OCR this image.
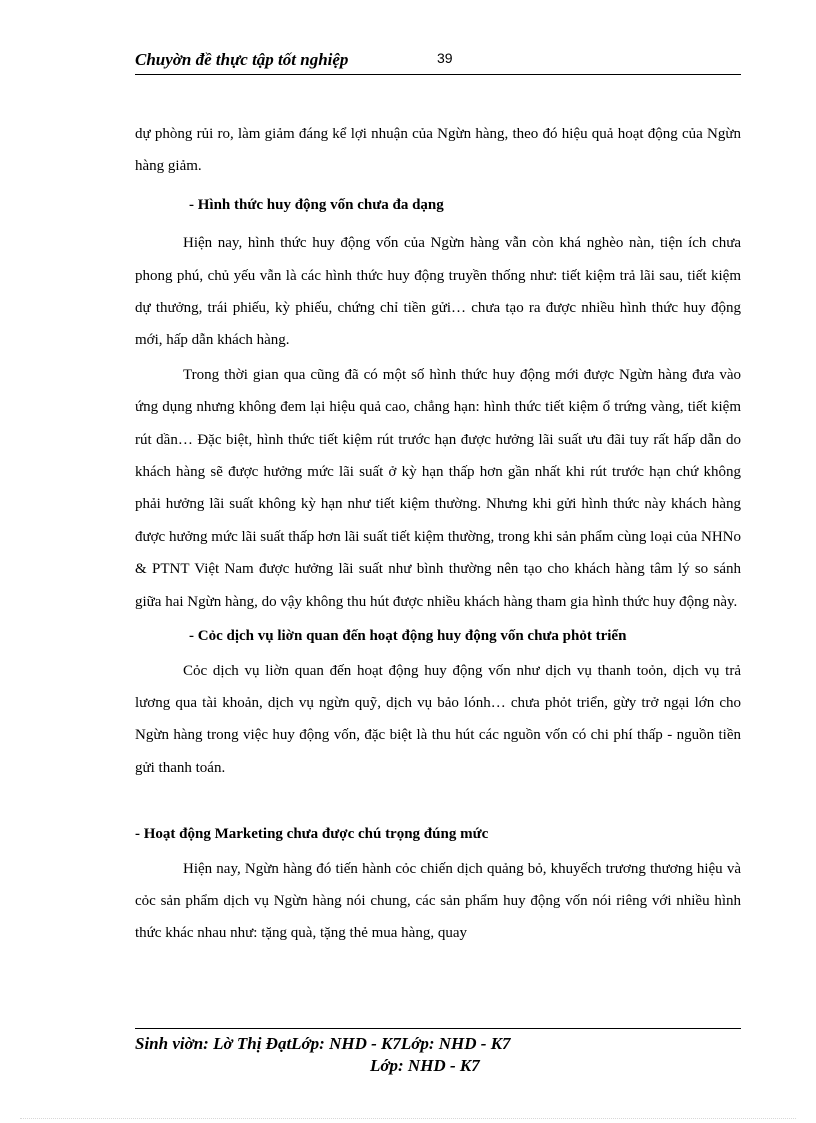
Chuyờn đề thực tập tốt nghiệp	39

dự phòng rủi ro, làm giảm đáng kể lợi nhuận của Ngừn hàng, theo đó hiệu quả hoạt động của Ngừn hàng giảm.

- Hình thức huy động vốn chưa đa dạng

Hiện nay, hình thức huy động vốn của Ngừn hàng vẫn còn khá nghèo nàn, tiện ích chưa phong phú, chủ yếu vẫn là các hình thức huy động truyền thống như: tiết kiệm trả lãi sau, tiết kiệm dự thưởng, trái phiếu, kỳ phiếu, chứng chỉ tiền gửi… chưa tạo ra được nhiều hình thức huy động mới, hấp dẫn khách hàng.

Trong thời gian qua cũng đã có một số hình thức huy động mới được Ngừn hàng đưa vào ứng dụng nhưng không đem lại hiệu quả cao, chẳng hạn: hình thức tiết kiệm ổ trứng vàng, tiết kiệm rút dần… Đặc biệt, hình thức tiết kiệm rút trước hạn được hưởng lãi suất ưu đãi tuy rất hấp dẫn do khách hàng sẽ được hưởng mức lãi suất ở kỳ hạn thấp hơn gần nhất khi rút trước hạn chứ không phải hưởng lãi suất không kỳ hạn như tiết kiệm thường. Nhưng khi gửi hình thức này khách hàng được hưởng mức lãi suất thấp hơn lãi suất tiết kiệm thường, trong khi sản phẩm cùng loại của NHNo & PTNT Việt Nam được hưởng lãi suất như bình thường nên tạo cho khách hàng tâm lý so sánh giữa hai Ngừn hàng, do vậy không thu hút được nhiều khách hàng tham gia hình thức huy động này.

- Cỏc dịch vụ liờn quan đến hoạt động huy động vốn chưa phỏt triển

Cỏc dịch vụ liờn quan đến hoạt động huy động vốn như dịch vụ thanh toỏn, dịch vụ trả lương qua tài khoản, dịch vụ ngừn quỹ, dịch vụ bảo lónh… chưa phỏt triển, gừy trở ngại lớn cho Ngừn hàng trong việc huy động vốn, đặc biệt là thu hút các nguồn vốn có chi phí thấp - nguồn tiền gửi thanh toán.

- Hoạt động Marketing chưa được chú trọng đúng mức

Hiện nay, Ngừn hàng đó tiến hành cỏc chiến dịch quảng bỏ, khuyếch trương thương hiệu và cỏc sản phẩm dịch vụ Ngừn hàng nói chung, các sản phẩm huy động vốn nói riêng với nhiều hình thức khác nhau như: tặng quà, tặng thẻ mua hàng, quay

Sinh viờn: Lờ Thị ĐạtLớp: NHD - K7Lớp: NHD - K7
Lớp: NHD - K7
